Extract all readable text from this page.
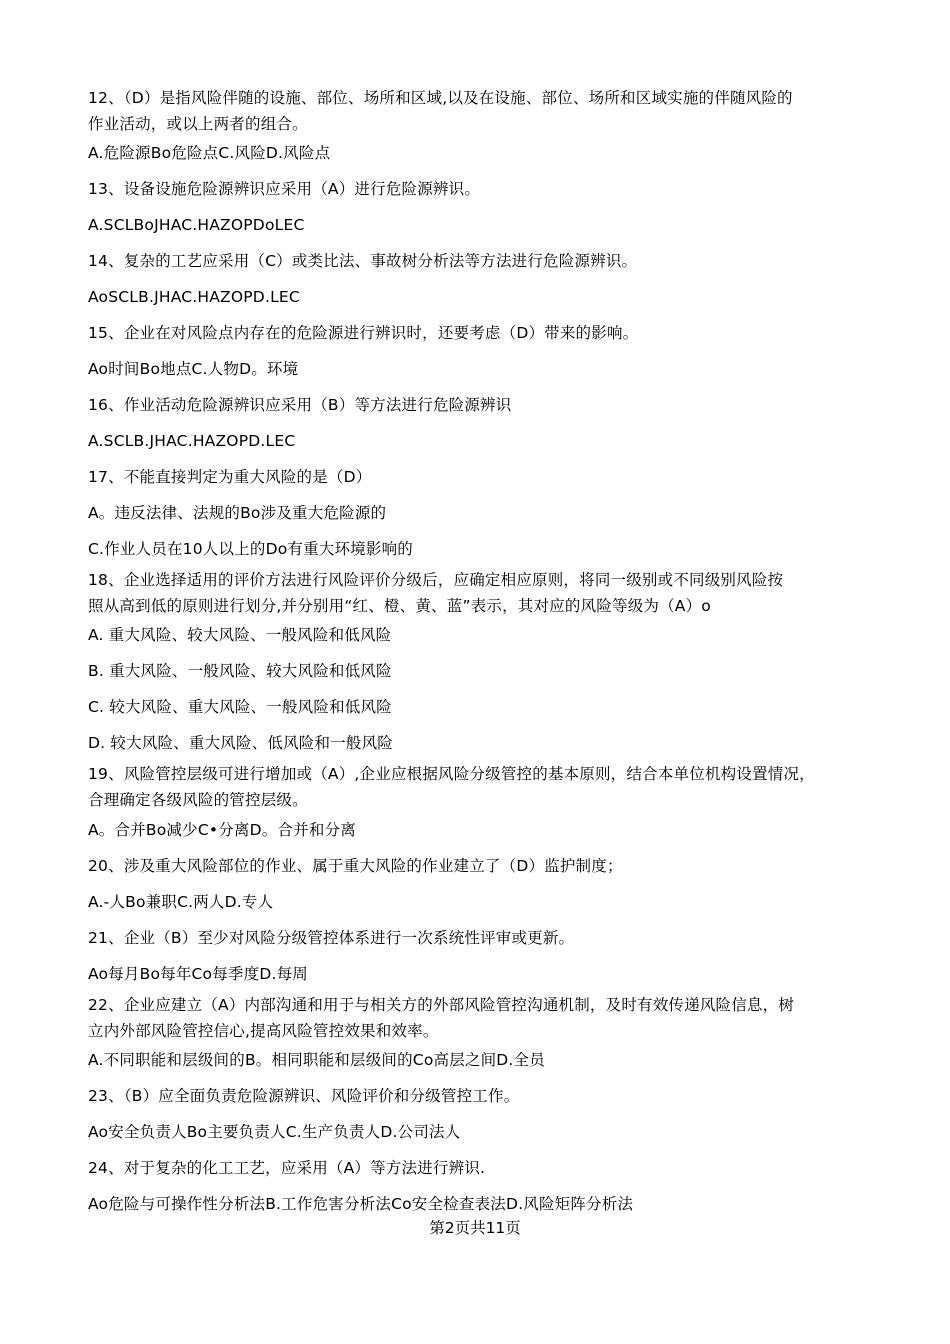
12、（D）是指风险伴随的设施、部位、场所和区域,以及在设施、部位、场所和区域实施的伴随风险的
作业活动，或以上两者的组合。
A.危险源Bo危险点C.风险D.风险点
13、设备设施危险源辨识应采用（A）进行危险源辨识。
A.SCLBoJHAC.HAZOPDoLEC
14、复杂的工艺应采用（C）或类比法、事故树分析法等方法进行危险源辨识。
AoSCLB.JHAC.HAZOPD.LEC
15、企业在对风险点内存在的危险源进行辨识时，还要考虑（D）带来的影响。
Ao时间Bo地点C.人物D。环境
16、作业活动危险源辨识应采用（B）等方法进行危险源辨识
A.SCLB.JHAC.HAZOPD.LEC
17、不能直接判定为重大风险的是（D）
A。违反法律、法规的Bo涉及重大危险源的
C.作业人员在10人以上的Do有重大环境影响的
18、企业选择适用的评价方法进行风险评价分级后，应确定相应原则，将同一级别或不同级别风险按
照从高到低的原则进行划分,并分别用“红、橙、黄、蓝”表示，其对应的风险等级为（A）o
A. 重大风险、较大风险、一般风险和低风险
B. 重大风险、一般风险、较大风险和低风险
C. 较大风险、重大风险、一般风险和低风险
D. 较大风险、重大风险、低风险和一般风险
19、风险管控层级可进行增加或（A）,企业应根据风险分级管控的基本原则，结合本单位机构设置情况，
合理确定各级风险的管控层级。
A。合并Bo减少C•分离D。合并和分离
20、涉及重大风险部位的作业、属于重大风险的作业建立了（D）监护制度；
A.-人Bo兼职C.两人D.专人
21、企业（B）至少对风险分级管控体系进行一次系统性评审或更新。
Ao每月Bo每年Co每季度D.每周
22、企业应建立（A）内部沟通和用于与相关方的外部风险管控沟通机制，及时有效传递风险信息，树
立内外部风险管控信心,提高风险管控效果和效率。
A.不同职能和层级间的B。相同职能和层级间的Co高层之间D.全员
23、（B）应全面负责危险源辨识、风险评价和分级管控工作。
Ao安全负责人Bo主要负责人C.生产负责人D.公司法人
24、对于复杂的化工工艺，应采用（A）等方法进行辨识.
Ao危险与可操作性分析法B.工作危害分析法Co安全检查表法D.风险矩阵分析法
第2页共11页
